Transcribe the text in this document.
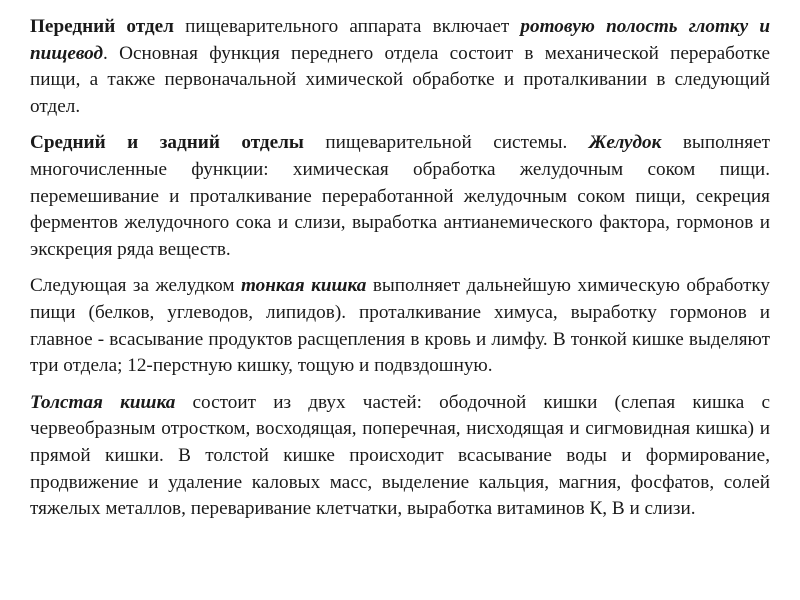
Передний отдел пищеварительного аппарата включает ротовую полость глотку и пищевод. Основная функция переднего отдела состоит в механической переработке пищи, а также первоначальной химической обработке и проталкивании в следующий отдел.

Средний и задний отделы пищеварительной системы. Желудок выполняет многочисленные функции: химическая обработка желудочным соком пищи. перемешивание и проталкивание переработанной желудочным соком пищи, секреция ферментов желудочного сока и слизи, выработка антианемического фактора, гормонов и экскреция ряда веществ.

Следующая за желудком тонкая кишка выполняет дальнейшую химическую обработку пищи (белков, углеводов, липидов). проталкивание химуса, выработку гормонов и главное - всасывание продуктов расщепления в кровь и лимфу. В тонкой кишке выделяют три отдела; 12-перстную кишку, тощую и подвздошную.

Толстая кишка состоит из двух частей: ободочной кишки (слепая кишка с червеобразным отростком, восходящая, поперечная, нисходящая и сигмовидная кишка) и прямой кишки. В толстой кишке происходит всасывание воды и формирование, продвижение и удаление каловых масс, выделение кальция, магния, фосфатов, солей тяжелых металлов, переваривание клетчатки, выработка витаминов К, В и слизи.
